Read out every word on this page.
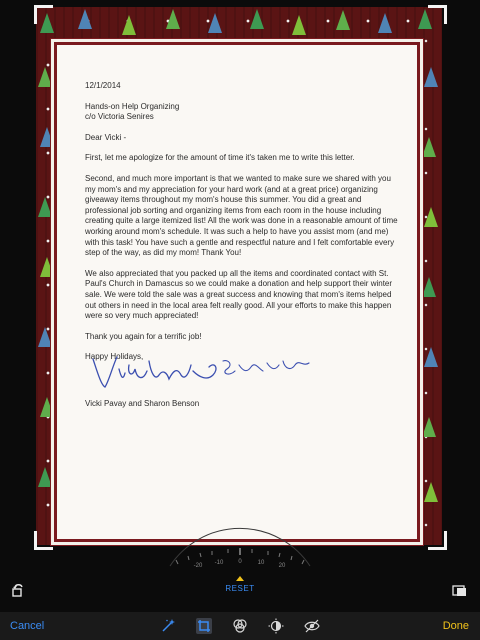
12/1/2014

Hands-on Help Organizing
c/o Victoria Senires

Dear Vicki -

First, let me apologize for the amount of time it's taken me to write this letter.

Second, and much more important is that we wanted to make sure we shared with you my mom's and my appreciation for your hard work (and at a great price) organizing giveaway items throughout my mom's house this summer. You did a great and professional job sorting and organizing items from each room in the house including creating quite a large itemized list! All the work was done in a reasonable amount of time working around mom's schedule. It was such a help to have you assist mom (and me) with this task! You have such a gentle and respectful nature and I felt comfortable every step of the way, as did my mom! Thank You!

We also appreciated that you packed up all the items and coordinated contact with St. Paul's Church in Damascus so we could make a donation and help support their winter sale. We were told the sale was a great success and knowing that mom's items helped out others in need in the local area felt really good. All your efforts to make this happen were so very much appreciated!

Thank you again for a terrific job!

Happy Holidays,

Vicki Pavay and Sharon Benson

-20 -10 0	10 20
RESET
Cancel	Done
